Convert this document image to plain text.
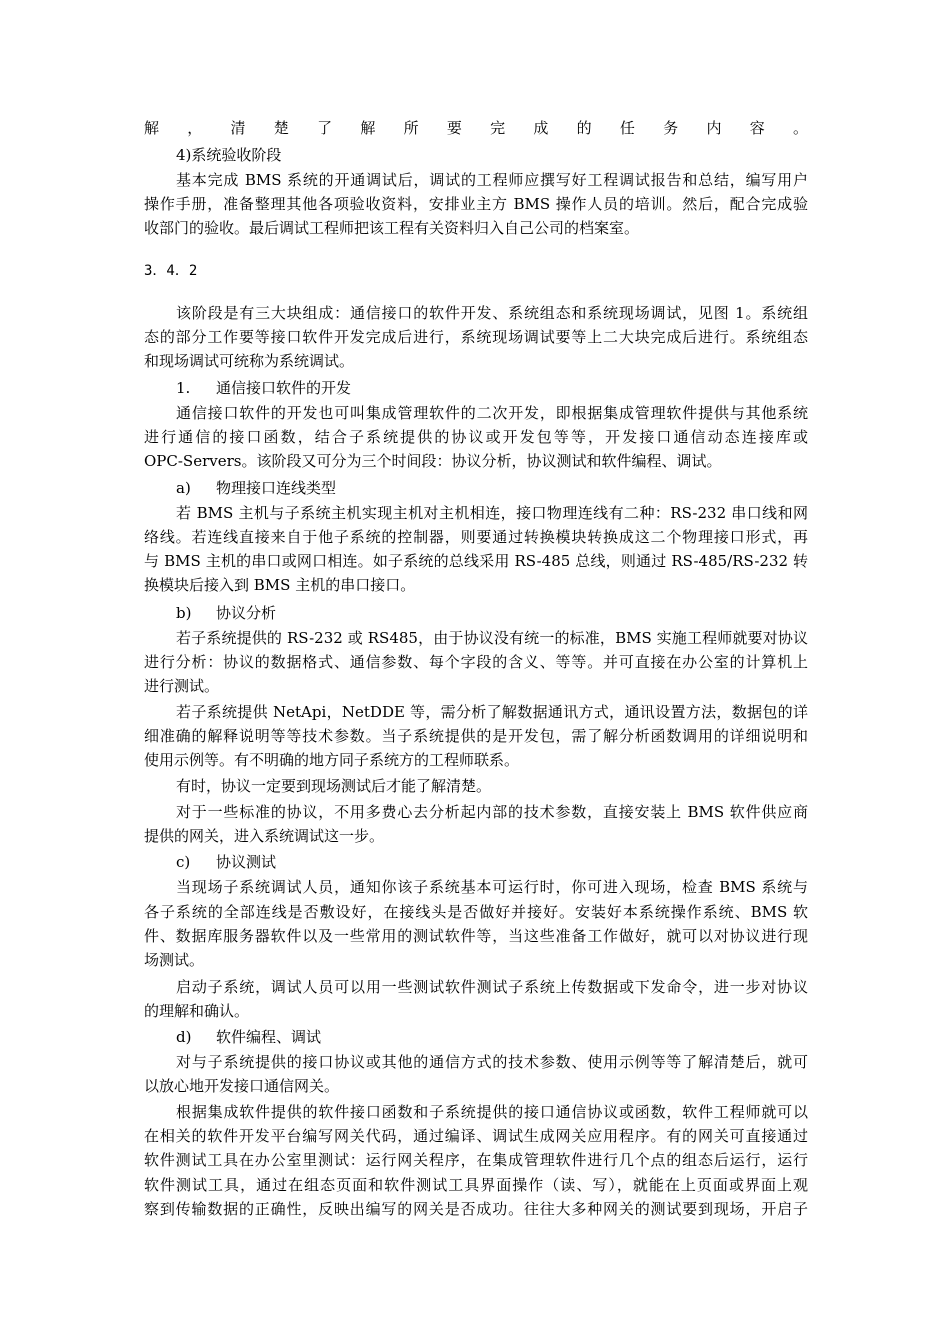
解，清楚了解所要完成的任务内容。
4)系统验收阶段
基本完成 BMS 系统的开通调试后，调试的工程师应撰写好工程调试报告和总结，编写用户
操作手册，准备整理其他各项验收资料，安排业主方 BMS 操作人员的培训。然后，配合完成验
收部门的验收。最后调试工程师把该工程有关资料归入自己公司的档案室。
3．4．2
该阶段是有三大块组成：通信接口的软件开发、系统组态和系统现场调试，见图 1。系统组
态的部分工作要等接口软件开发完成后进行，系统现场调试要等上二大块完成后进行。系统组态
和现场调试可统称为系统调试。
1. 通信接口软件的开发
通信接口软件的开发也可叫集成管理软件的二次开发，即根据集成管理软件提供与其他系统
进行通信的接口函数，结合子系统提供的协议或开发包等等，开发接口通信动态连接库或
OPC-Servers。该阶段又可分为三个时间段：协议分析，协议测试和软件编程、调试。
a) 物理接口连线类型
若 BMS 主机与子系统主机实现主机对主机相连，接口物理连线有二种：RS-232 串口线和网
络线。若连线直接来自于他子系统的控制器，则要通过转换模块转换成这二个物理接口形式，再
与 BMS 主机的串口或网口相连。如子系统的总线采用 RS-485 总线，则通过 RS-485/RS-232 转
换模块后接入到 BMS 主机的串口接口。
b) 协议分析
若子系统提供的 RS-232 或 RS485，由于协议没有统一的标准，BMS 实施工程师就要对协议
进行分析：协议的数据格式、通信参数、每个字段的含义、等等。并可直接在办公室的计算机上
进行测试。
若子系统提供 NetApi，NetDDE 等，需分析了解数据通讯方式，通讯设置方法，数据包的详
细准确的解释说明等等技术参数。当子系统提供的是开发包，需了解分析函数调用的详细说明和
使用示例等。有不明确的地方同子系统方的工程师联系。
有时，协议一定要到现场测试后才能了解清楚。
对于一些标准的协议，不用多费心去分析起内部的技术参数，直接安装上 BMS 软件供应商
提供的网关，进入系统调试这一步。
c) 协议测试
当现场子系统调试人员，通知你该子系统基本可运行时，你可进入现场，检查 BMS 系统与
各子系统的全部连线是否敷设好，在接线头是否做好并接好。安装好本系统操作系统、BMS 软
件、数据库服务器软件以及一些常用的测试软件等，当这些准备工作做好，就可以对协议进行现
场测试。
启动子系统，调试人员可以用一些测试软件测试子系统上传数据或下发命令，进一步对协议
的理解和确认。
d) 软件编程、调试
对与子系统提供的接口协议或其他的通信方式的技术参数、使用示例等等了解清楚后，就可
以放心地开发接口通信网关。
根据集成软件提供的软件接口函数和子系统提供的接口通信协议或函数，软件工程师就可以
在相关的软件开发平台编写网关代码，通过编译、调试生成网关应用程序。有的网关可直接通过
软件测试工具在办公室里测试：运行网关程序，在集成管理软件进行几个点的组态后运行，运行
软件测试工具，通过在组态页面和软件测试工具界面操作（读、写），就能在上页面或界面上观
察到传输数据的正确性，反映出编写的网关是否成功。往往大多种网关的测试要到现场，开启子
